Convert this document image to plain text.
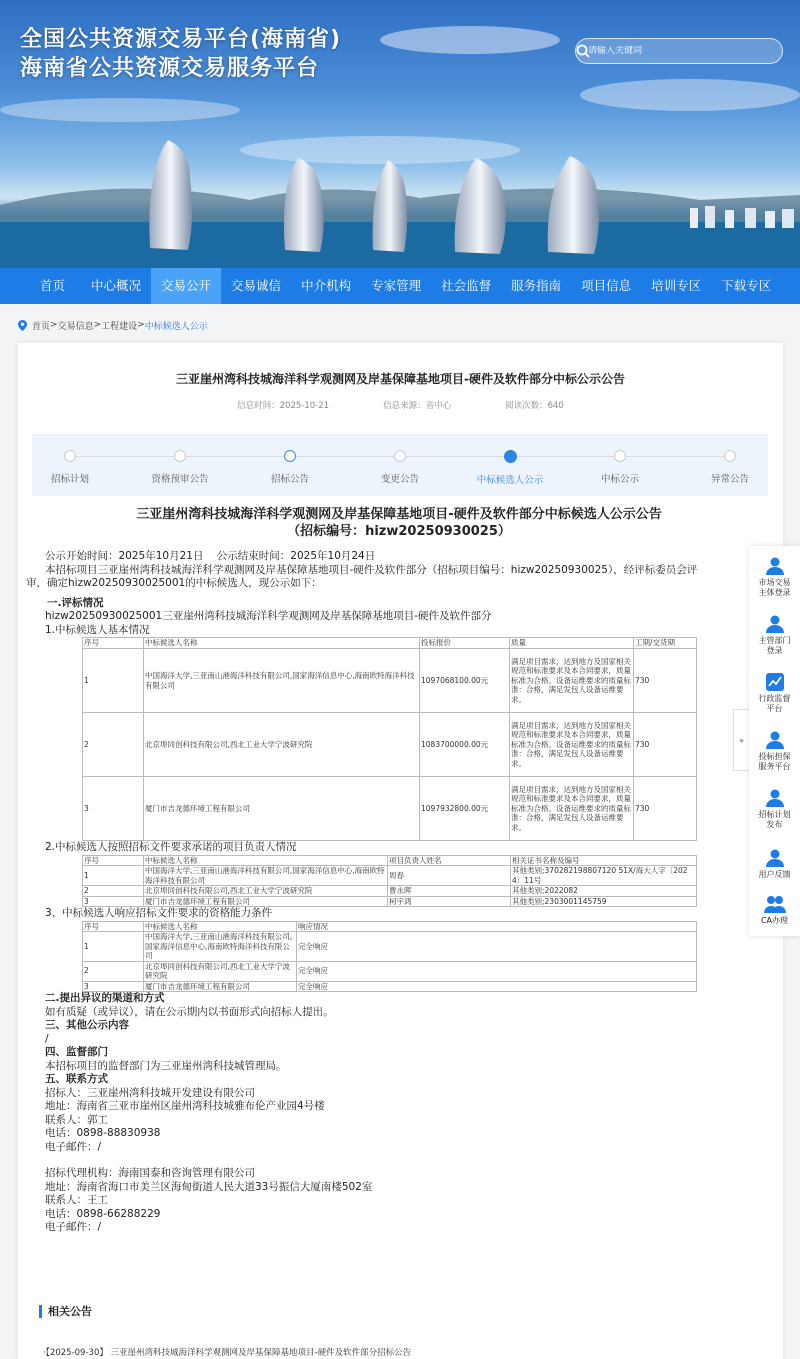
全国公共资源交易平台(海南省)
海南省公共资源交易服务平台
请输入关键词
首页	中心概况	交易公开	交易诚信	中介机构	专家管理	社会监督	服务指南	项目信息	培训专区	下载专区
首页 > 交易信息 > 工程建设 > 中标候选人公示
三亚崖州湾科技城海洋科学观测网及岸基保障基地项目-硬件及软件部分中标公示公告
信息时间：2025-10-21	信息来源：省中心	阅读次数：640
招标计划	资格预审公告	招标公告	变更公告	中标候选人公示	中标公示	异常公告
相关公告
·【2025-09-30】 三亚崖州湾科技城海洋科学观测网及岸基保障基地项目-硬件及软件部分招标公告
三亚崖州湾科技城海洋科学观测网及岸基保障基地项目-硬件及软件部分中标候选人公示公告
（招标编号：hizw20250930025）

公示开始时间：2025年10月21日    公示结束时间：2025年10月24日

本招标项目三亚崖州湾科技城海洋科学观测网及岸基保障基地项目-硬件及软件部分（招标项目编号：hizw20250930025），经评标委员会评

审，确定hizw20250930025001的中标候选人，现公示如下：

一.评标情况

hizw20250930025001三亚崖州湾科技城海洋科学观测网及岸基保障基地项目-硬件及软件部分

1.中标候选人基本情况

序号	中标候选人名称	投标报价	质量	工期/交货期
1	中国海洋大学,三亚南山港海洋科技有限公司,国家海洋信息中心,海南欧特海洋科技有限公司	1097068100.00元	满足项目需求，达到地方及国家相关规范和标准要求及本合同要求，质量标准为合格。设备运维要求的质量标准：合格，满足发包人设备运维要求。	730
2	北京埠同创科技有限公司,西北工业大学宁波研究院	1083700000.00元	满足项目需求，达到地方及国家相关规范和标准要求及本合同要求，质量标准为合格。设备运维要求的质量标准：合格，满足发包人设备运维要求。	730
3	厦门市吉龙德环境工程有限公司	1097932800.00元	满足项目需求，达到地方及国家相关规范和标准要求及本合同要求，质量标准为合格。设备运维要求的质量标准：合格，满足发包人设备运维要求。	730

2.中标候选人按照招标文件要求承诺的项目负责人情况

序号	中标候选人名称	项目负责人姓名	相关证书名称及编号
1	中国海洋大学,三亚南山港海洋科技有限公司,国家海洋信息中心,海南欧特海洋科技有限公司	周春	其他类别;370282198807120 51X/海大人字〔2024〕11号
2	北京埠同创科技有限公司,西北工业大学宁波研究院	曹永晖	其他类别;2022082
3	厦门市吉龙德环境工程有限公司	柯宇鸿	其他类别;2303001145759

3、中标候选人响应招标文件要求的资格能力条件

序号	中标候选人名称	响应情况
1	中国海洋大学,三亚南山港海洋科技有限公司,国家海洋信息中心,海南欧特海洋科技有限公司	完全响应
2	北京埠同创科技有限公司,西北工业大学宁波研究院	完全响应
3	厦门市吉龙德环境工程有限公司	完全响应

二.提出异议的渠道和方式

如有质疑（或异议），请在公示期内以书面形式向招标人提出。

三、其他公示内容

/

四、监督部门

本招标项目的监督部门为三亚崖州湾科技城管理局。

五、联系方式

招标人：三亚崖州湾科技城开发建设有限公司

地址：海南省三亚市崖州区崖州湾科技城雅布伦产业园4号楼

联系人：郭工

电话：0898-88830938

电子邮件：/

招标代理机构：海南国泰和咨询管理有限公司

地址：海南省海口市美兰区海甸街道人民大道33号振信大厦南楼502室

联系人：王工

电话：0898-66288229

电子邮件：/

»
市场交易
主体登录
主管部门
登录
行政监督
平台
投标担保
服务平台
招标计划
发布
用户反馈
CA办理
